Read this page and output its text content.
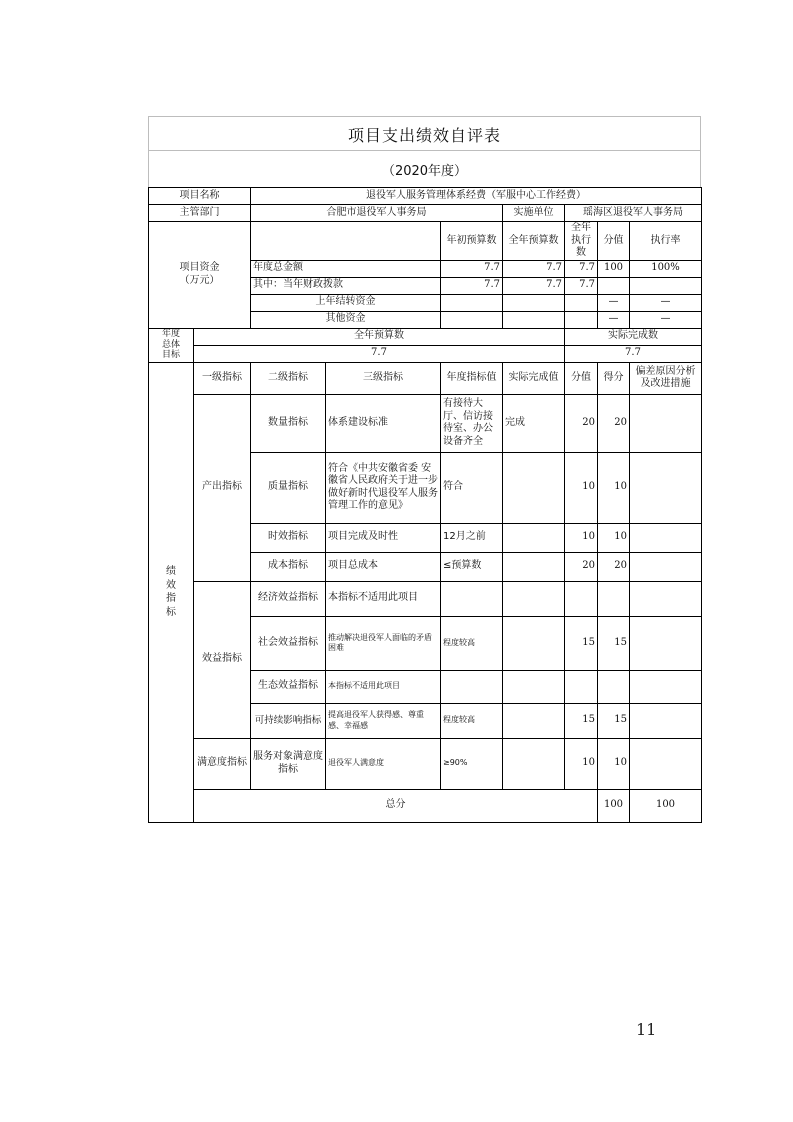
项目支出绩效自评表
（2020年度）
项目名称		退役军人服务管理体系经费（军服中心工作经费）							
主管部门		合肥市退役军人事务局			实施单位	瑶海区退役军人事务局			

项目资金
（万元）				年初预算数	全年预算数	全年执行数	分值	执行率	
		年度总金额		7.7	7.7	7.7	100	100%	
		其中：当年财政拨款		7.7	7.7	7.7			
		上年结转资金					—	—	
		其他资金					—	—	

年度
总体
目标	全年预算数					实际完成数			
	7.7					7.7			

绩
效
指
标	一级指标	二级指标	三级指标	年度指标值	实际完成值	分值	得分	偏差原因分析及改进措施	
	产出指标	数量指标	体系建设标准	有接待大厅、信访接待室、办公设备齐全	完成	20	20		
		质量指标	符合《中共安徽省委 安徽省人民政府关于进一步做好新时代退役军人服务管理工作的意见》	符合		10	10		
		时效指标	项目完成及时性	12月之前		10	10		
		成本指标	项目总成本	≤预算数		20	20		
	效益指标	经济效益指标	本指标不适用此项目						
		社会效益指标	推动解决退役军人面临的矛盾困难	程度较高		15	15		
		生态效益指标	本指标不适用此项目						
		可持续影响指标	提高退役军人获得感、尊重感、幸福感	程度较高		15	15		
	满意度指标	服务对象满意度指标	退役军人满意度	≥90%		10	10		
	总分						100	100	
11
